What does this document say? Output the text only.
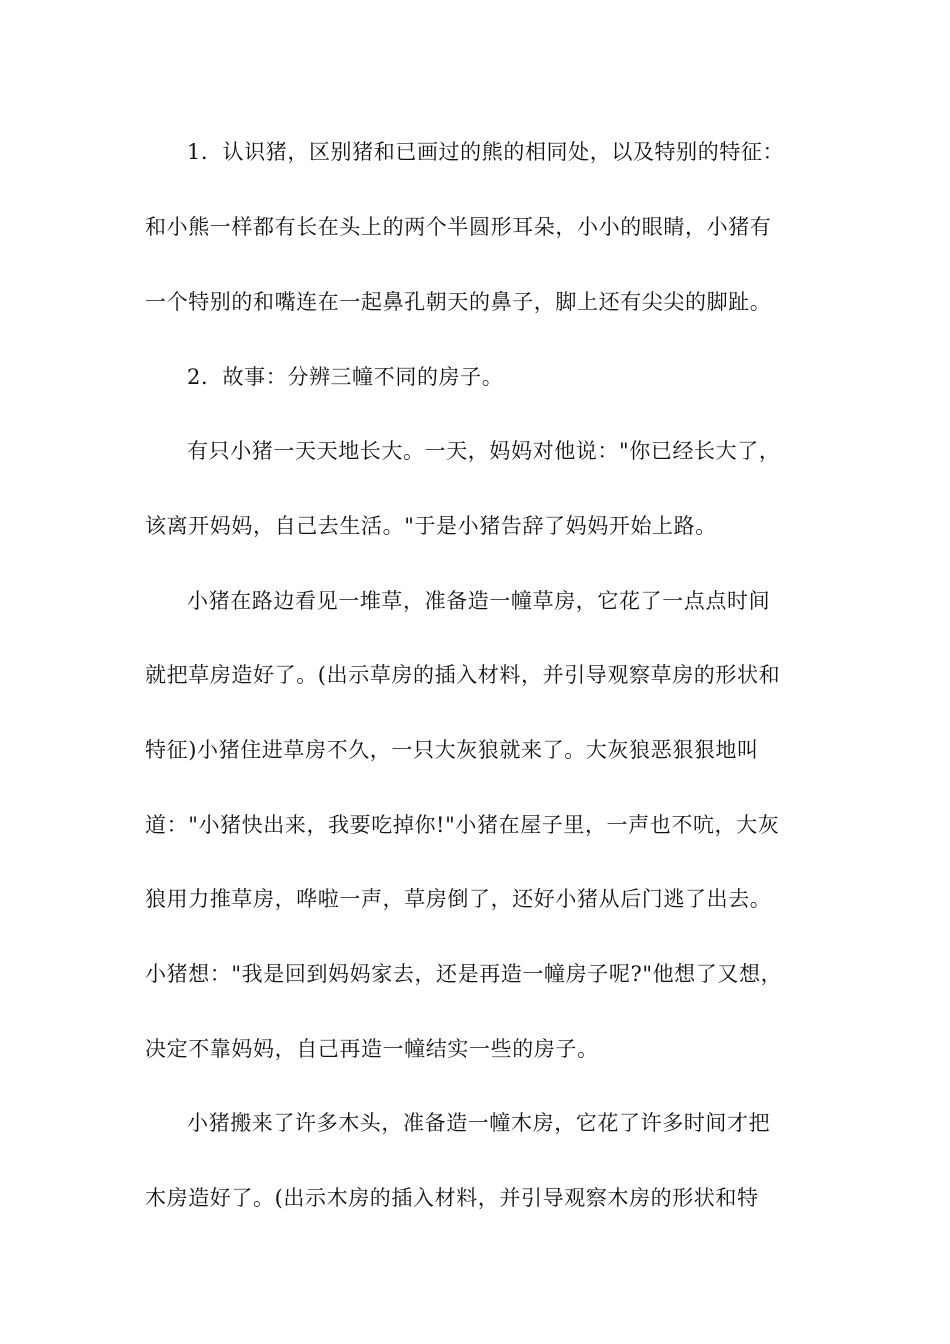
1．认识猪，区别猪和已画过的熊的相同处，以及特别的特征：
和小熊一样都有长在头上的两个半圆形耳朵，小小的眼睛，小猪有
一个特别的和嘴连在一起鼻孔朝天的鼻子，脚上还有尖尖的脚趾。
2．故事：分辨三幢不同的房子。
有只小猪一天天地长大。一天，妈妈对他说："你已经长大了，
该离开妈妈，自己去生活。"于是小猪告辞了妈妈开始上路。
小猪在路边看见一堆草，准备造一幢草房，它花了一点点时间
就把草房造好了。(出示草房的插入材料，并引导观察草房的形状和
特征)小猪住进草房不久，一只大灰狼就来了。大灰狼恶狠狠地叫
道："小猪快出来，我要吃掉你!"小猪在屋子里，一声也不吭，大灰
狼用力推草房，哗啦一声，草房倒了，还好小猪从后门逃了出去。
小猪想："我是回到妈妈家去，还是再造一幢房子呢?"他想了又想，
决定不靠妈妈，自己再造一幢结实一些的房子。
小猪搬来了许多木头，准备造一幢木房，它花了许多时间才把
木房造好了。(出示木房的插入材料，并引导观察木房的形状和特
